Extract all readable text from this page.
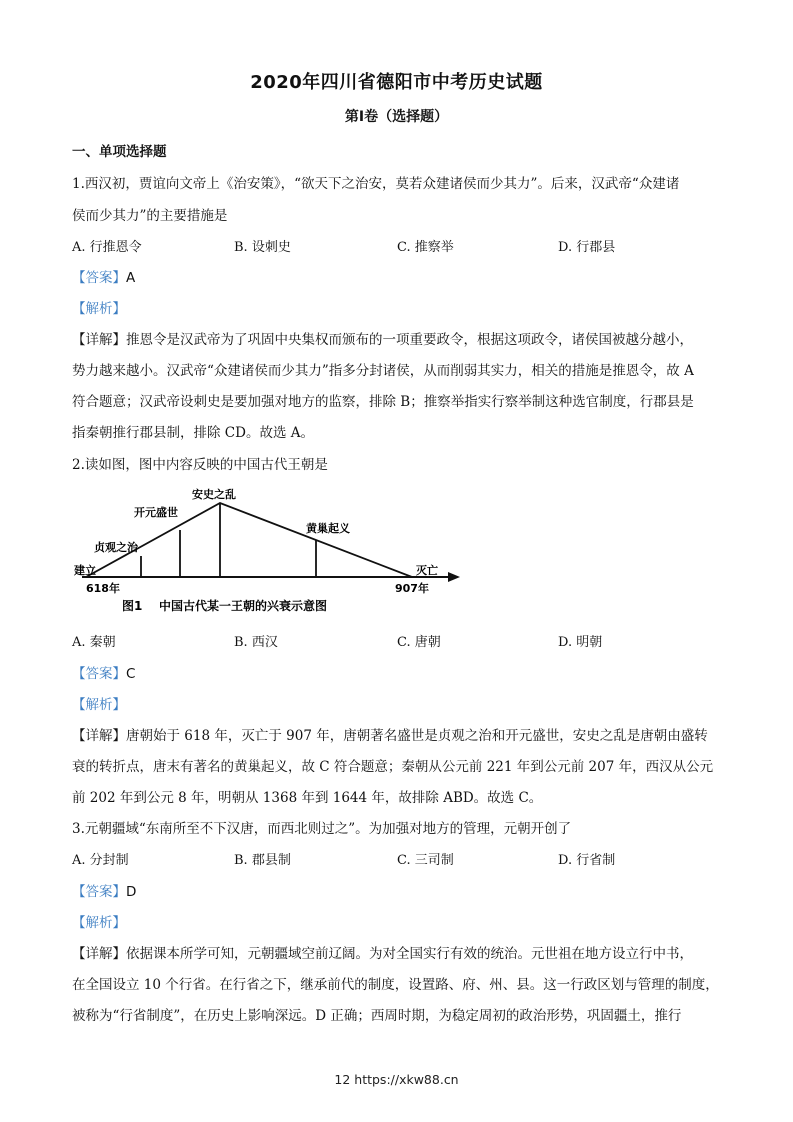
2020年四川省德阳市中考历史试题
第Ⅰ卷（选择题）
一、单项选择题
1.西汉初，贾谊向文帝上《治安策》，“欲天下之治安，莫若众建诸侯而少其力”。后来，汉武帝“众建诸
侯而少其力”的主要措施是
A. 行推恩令	B. 设刺史	C. 推察举	D. 行郡县
【答案】A
【解析】
【详解】推恩令是汉武帝为了巩固中央集权而颁布的一项重要政令，根据这项政令，诸侯国被越分越小，
势力越来越小。汉武帝“众建诸侯而少其力”指多分封诸侯，从而削弱其实力，相关的措施是推恩令，故 A
符合题意；汉武帝设刺史是要加强对地方的监察，排除 B；推察举指实行察举制这种选官制度，行郡县是
指秦朝推行郡县制，排除 CD。故选 A。
2.读如图，图中内容反映的中国古代王朝是
建立
贞观之治
开元盛世
安史之乱
黄巢起义
灭亡
618年	907年
图1    中国古代某一王朝的兴衰示意图
A. 秦朝	B. 西汉	C. 唐朝	D. 明朝
【答案】C
【解析】
【详解】唐朝始于 618 年，灭亡于 907 年，唐朝著名盛世是贞观之治和开元盛世，安史之乱是唐朝由盛转
衰的转折点，唐末有著名的黄巢起义，故 C 符合题意；秦朝从公元前 221 年到公元前 207 年，西汉从公元
前 202 年到公元 8 年，明朝从 1368 年到 1644 年，故排除 ABD。故选 C。
3.元朝疆域“东南所至不下汉唐，而西北则过之”。为加强对地方的管理，元朝开创了
A. 分封制	B. 郡县制	C. 三司制	D. 行省制
【答案】D
【解析】
【详解】依据课本所学可知，元朝疆域空前辽阔。为对全国实行有效的统治。元世祖在地方设立行中书，
在全国设立 10 个行省。在行省之下，继承前代的制度，设置路、府、州、县。这一行政区划与管理的制度，
被称为“行省制度”，在历史上影响深远。D 正确；西周时期，为稳定周初的政治形势，巩固疆土，推行
12 https://xkw88.cn
